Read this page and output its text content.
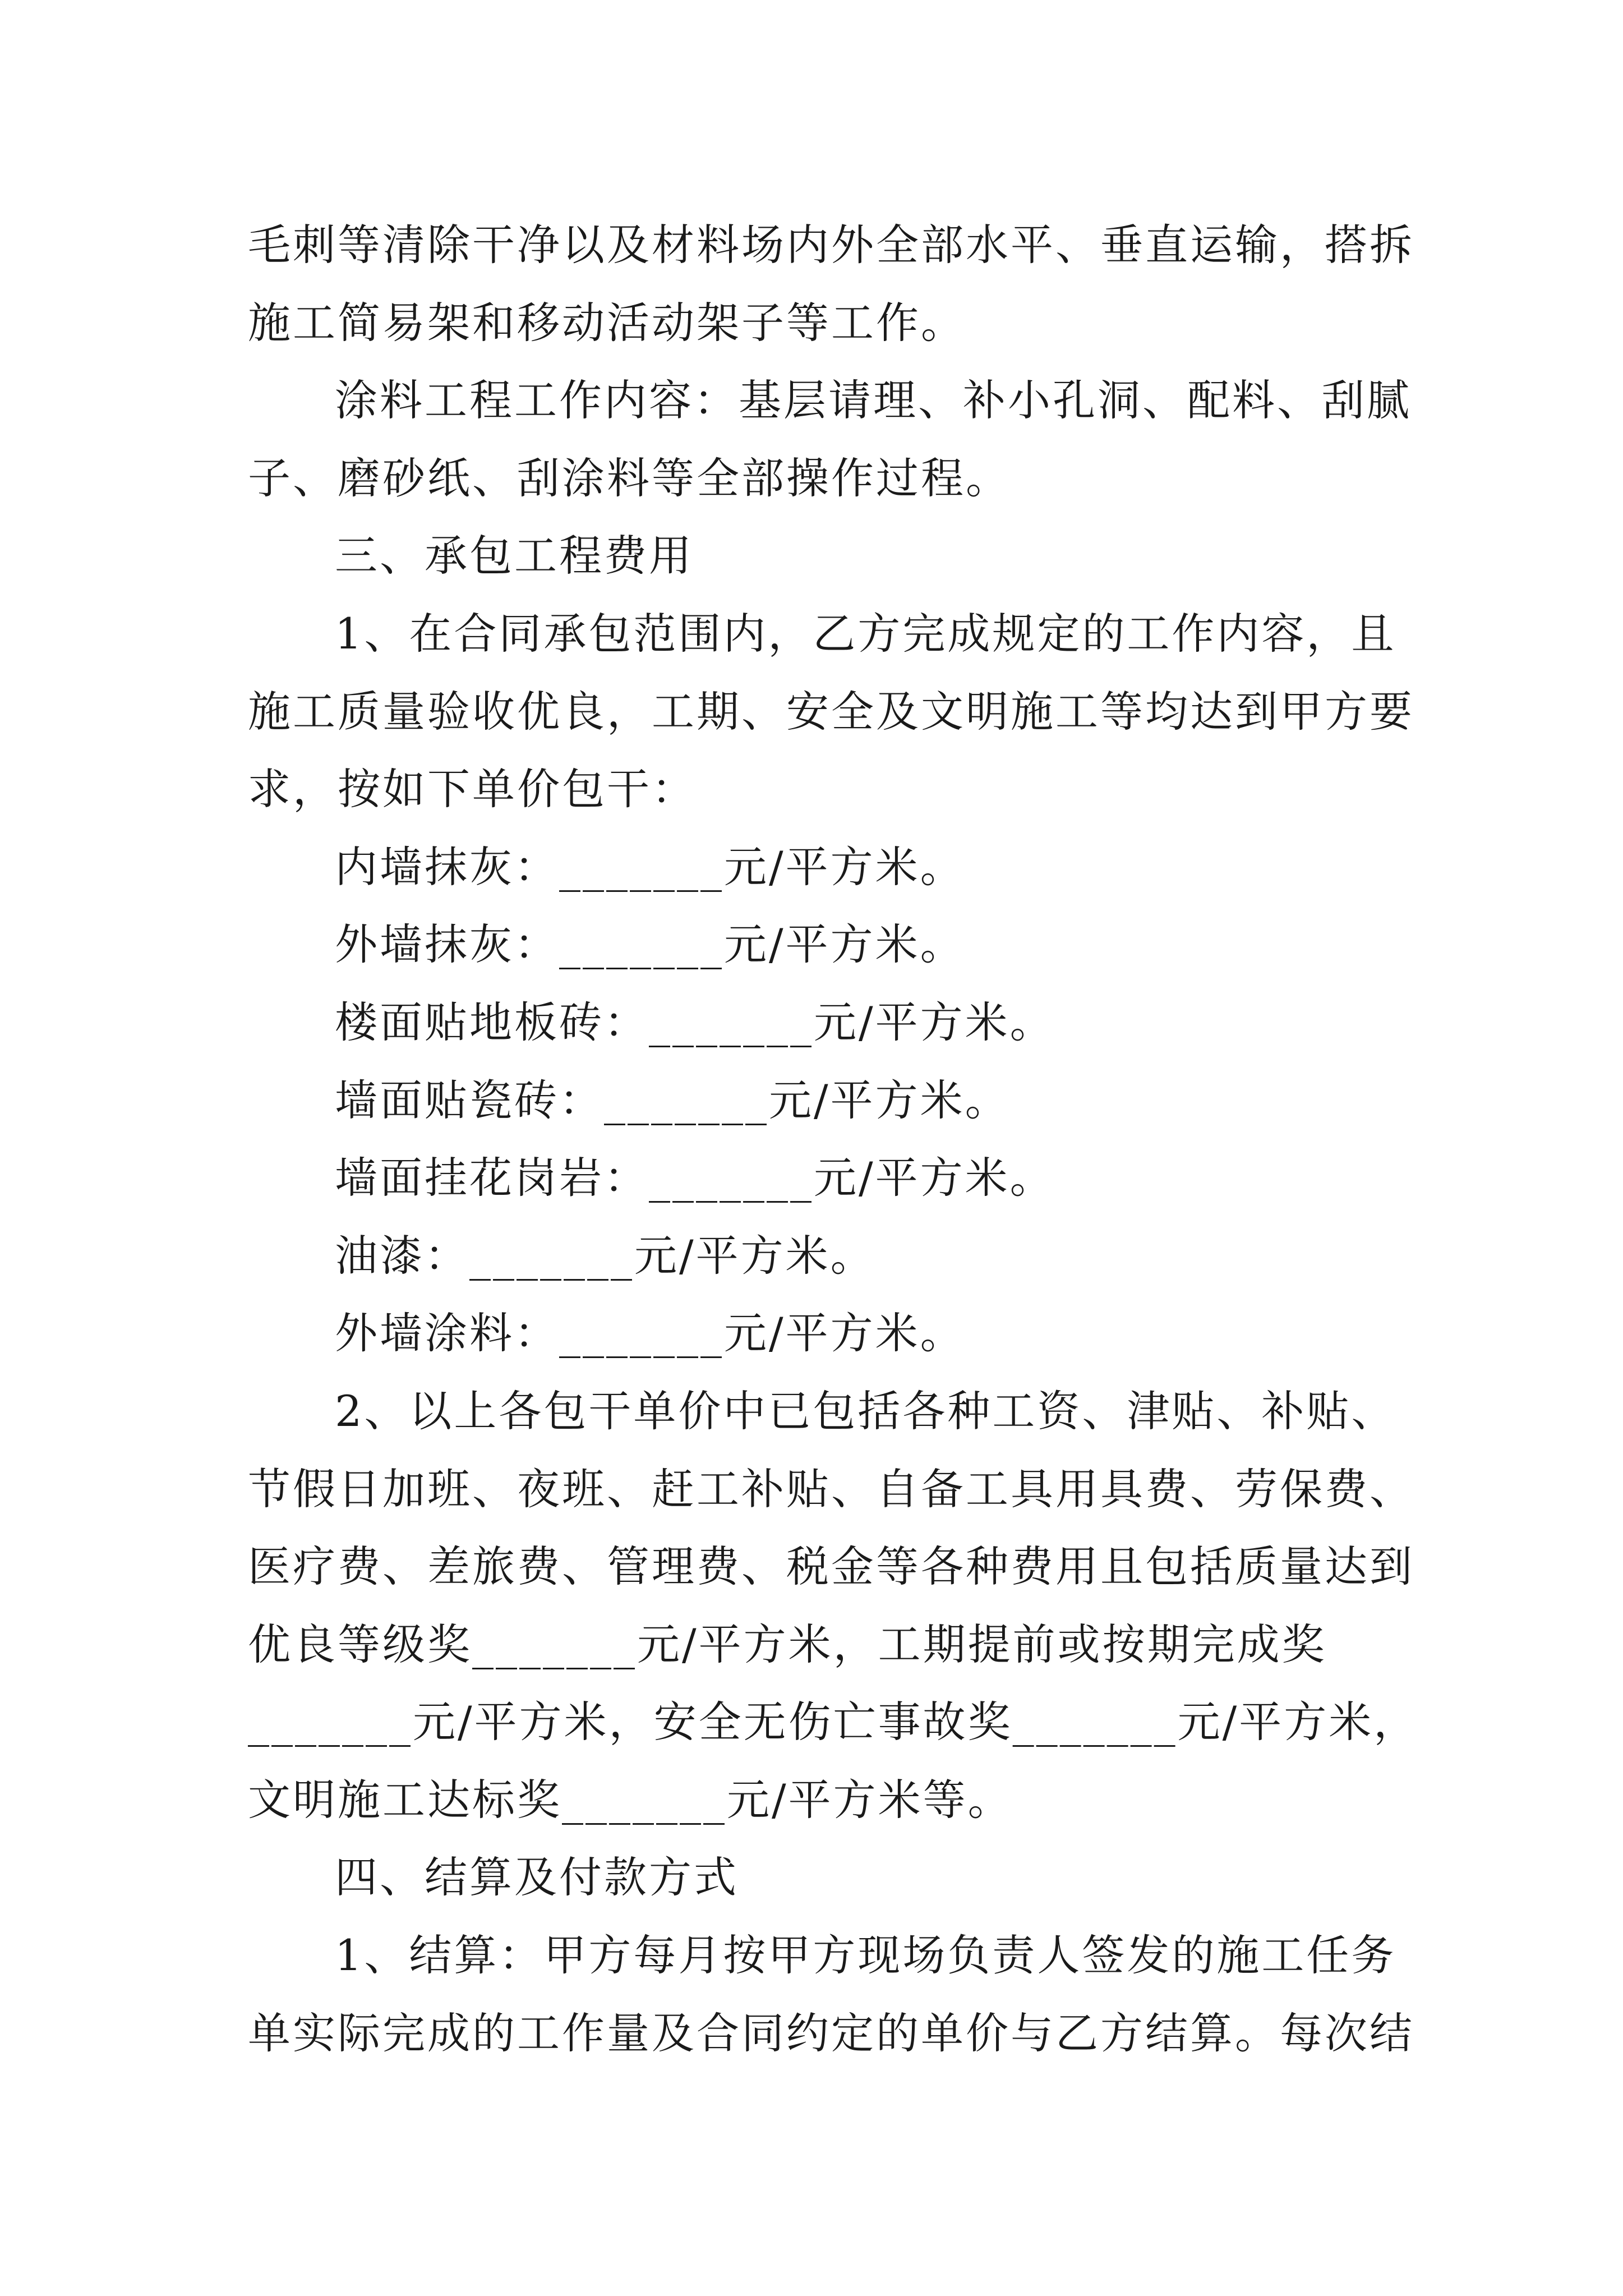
毛刺等清除干净以及材料场内外全部水平、垂直运输，搭拆

施工简易架和移动活动架子等工作。

涂料工程工作内容：基层请理、补小孔洞、配料、刮腻

子、磨砂纸、刮涂料等全部操作过程。

三、承包工程费用

1、在合同承包范围内，乙方完成规定的工作内容，且

施工质量验收优良，工期、安全及文明施工等均达到甲方要

求，按如下单价包干：

内墙抹灰：_______元/平方米。

外墙抹灰：_______元/平方米。

楼面贴地板砖：_______元/平方米。

墙面贴瓷砖：_______元/平方米。

墙面挂花岗岩：_______元/平方米。

油漆：_______元/平方米。

外墙涂料：_______元/平方米。

2、以上各包干单价中已包括各种工资、津贴、补贴、

节假日加班、夜班、赶工补贴、自备工具用具费、劳保费、

医疗费、差旅费、管理费、税金等各种费用且包括质量达到

优良等级奖_______元/平方米，工期提前或按期完成奖

_______元/平方米，安全无伤亡事故奖_______元/平方米，

文明施工达标奖_______元/平方米等。

四、结算及付款方式

1、结算：甲方每月按甲方现场负责人签发的施工任务

单实际完成的工作量及合同约定的单价与乙方结算。每次结
